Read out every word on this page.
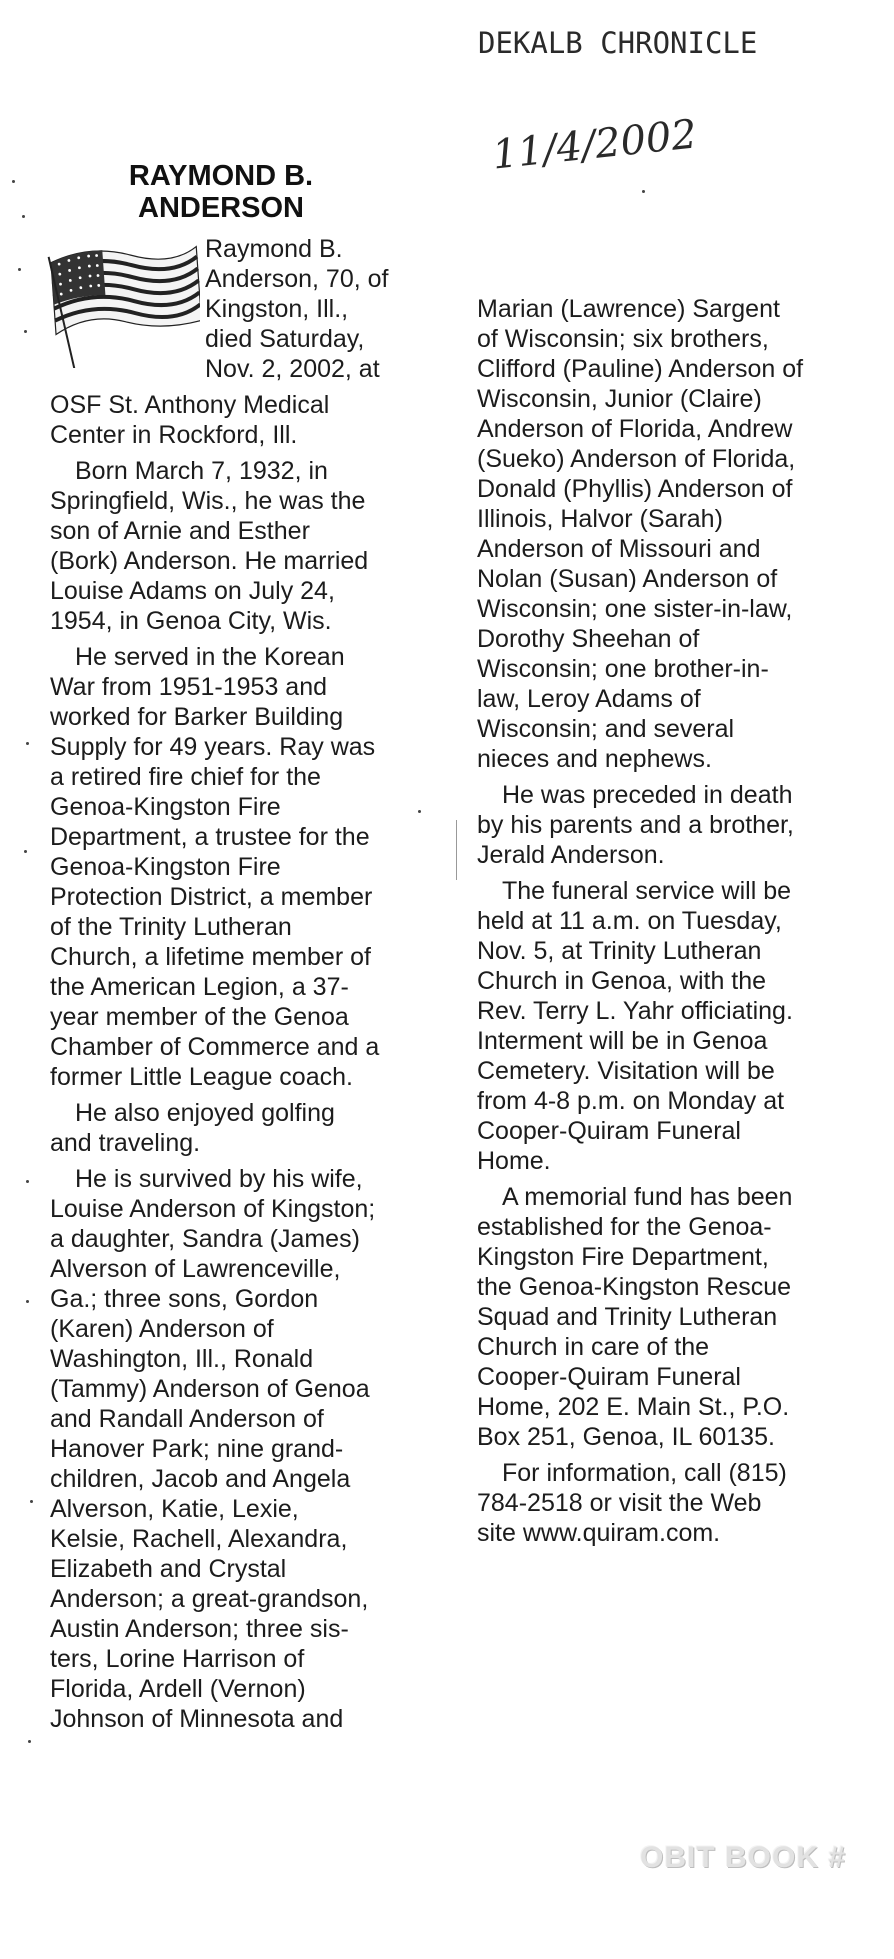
DEKALB CHRONICLE
11/4/2002
RAYMOND B.
ANDERSON
Raymond B.
Anderson, 70, of
Kingston, Ill.,
died Saturday,
Nov. 2, 2002, at
OSF St. Anthony Medical
Center in Rockford, Ill.
Born March 7, 1932, in
Springfield, Wis., he was the
son of Arnie and Esther
(Bork) Anderson. He married
Louise Adams on July 24,
1954, in Genoa City, Wis.
He served in the Korean
War from 1951-1953 and
worked for Barker Building
Supply for 49 years. Ray was
a retired fire chief for the
Genoa-Kingston Fire
Department, a trustee for the
Genoa-Kingston Fire
Protection District, a member
of the Trinity Lutheran
Church, a lifetime member of
the American Legion, a 37-
year member of the Genoa
Chamber of Commerce and a
former Little League coach.
He also enjoyed golfing
and traveling.
He is survived by his wife,
Louise Anderson of Kingston;
a daughter, Sandra (James)
Alverson of Lawrenceville,
Ga.; three sons, Gordon
(Karen) Anderson of
Washington, Ill., Ronald
(Tammy) Anderson of Genoa
and Randall Anderson of
Hanover Park; nine grand-
children, Jacob and Angela
Alverson, Katie, Lexie,
Kelsie, Rachell, Alexandra,
Elizabeth and Crystal
Anderson; a great-grandson,
Austin Anderson; three sis-
ters, Lorine Harrison of
Florida, Ardell (Vernon)
Johnson of Minnesota and
Marian (Lawrence) Sargent
of Wisconsin; six brothers,
Clifford (Pauline) Anderson of
Wisconsin, Junior (Claire)
Anderson of Florida, Andrew
(Sueko) Anderson of Florida,
Donald (Phyllis) Anderson of
Illinois, Halvor (Sarah)
Anderson of Missouri and
Nolan (Susan) Anderson of
Wisconsin; one sister-in-law,
Dorothy Sheehan of
Wisconsin; one brother-in-
law, Leroy Adams of
Wisconsin; and several
nieces and nephews.
He was preceded in death
by his parents and a brother,
Jerald Anderson.
The funeral service will be
held at 11 a.m. on Tuesday,
Nov. 5, at Trinity Lutheran
Church in Genoa, with the
Rev. Terry L. Yahr officiating.
Interment will be in Genoa
Cemetery. Visitation will be
from 4-8 p.m. on Monday at
Cooper-Quiram Funeral
Home.
A memorial fund has been
established for the Genoa-
Kingston Fire Department,
the Genoa-Kingston Rescue
Squad and Trinity Lutheran
Church in care of the
Cooper-Quiram Funeral
Home, 202 E. Main St., P.O.
Box 251, Genoa, IL 60135.
For information, call (815)
784-2518 or visit the Web
site www.quiram.com.
OBIT BOOK #
